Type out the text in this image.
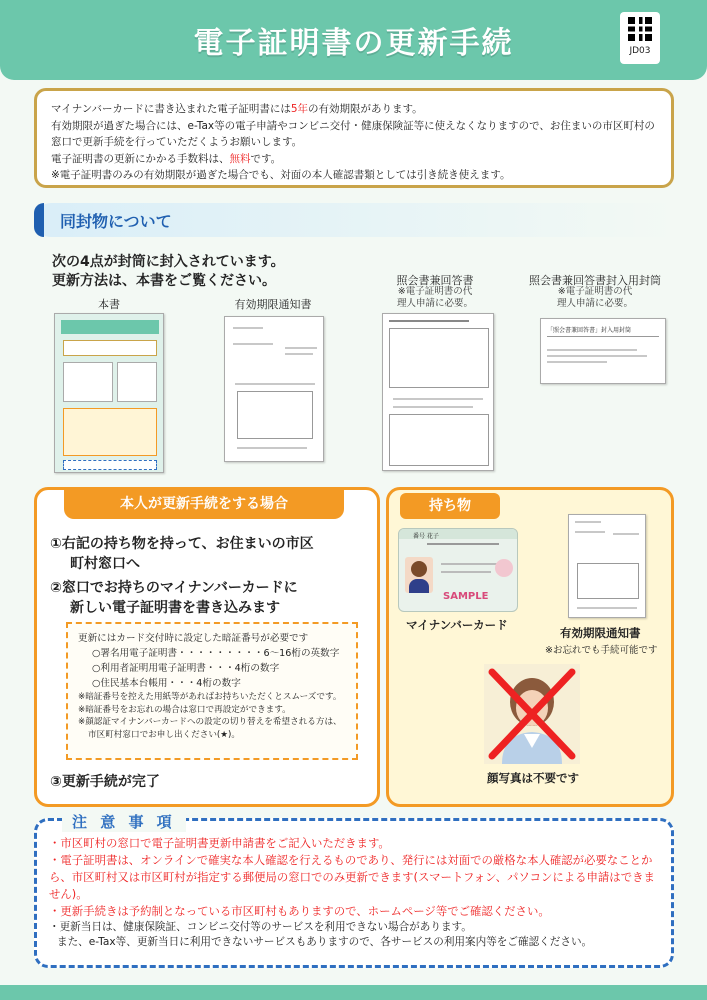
電子証明書の更新手続	JD03
マイナンバーカードに書き込まれた電子証明書には5年の有効期限があります。
有効期限が過ぎた場合には、e-Tax等の電子申請やコンビニ交付・健康保険証等に使えなくなりますので、お住まいの市区町村の窓口で更新手続を行っていただくようお願いします。
電子証明書の更新にかかる手数料は、無料です。
※電子証明書のみの有効期限が過ぎた場合でも、対面の本人確認書類としては引き続き使えます。
同封物について
次の4点が封筒に封入されています。
更新方法は、本書をご覧ください。
本書	有効期限通知書
照会書兼回答書
※電子証明書の代理人申請に必要。
照会書兼回答書封入用封筒
※電子証明書の代理人申請に必要。
「照会書兼回答書」封入用封筒
本人が更新手続をする場合
①右記の持ち物を持って、お住まいの市区
町村窓口へ
②窓口でお持ちのマイナンバーカードに
新しい電子証明書を書き込みます
更新にはカード交付時に設定した暗証番号が必要です
○署名用電子証明書・・・・・・・・・6〜16桁の英数字
○利用者証明用電子証明書・・・4桁の数字
○住民基本台帳用・・・4桁の数字
※暗証番号を控えた用紙等があればお持ちいただくとスムーズです。
※暗証番号をお忘れの場合は窓口で再設定ができます。
※顔認証マイナンバーカードへの設定の切り替えを希望される方は、
市区町村窓口でお申し出ください(★)。
③更新手続が完了
持ち物
番号 花子
SAMPLE
マイナンバーカード
有効期限通知書
※お忘れでも手続可能です
顔写真は不要です
・市区町村の窓口で電子証明書更新申請書をご記入いただきます。
・電子証明書は、オンラインで確実な本人確認を行えるものであり、発行には対面での厳格な本人確認が必要なことから、市区町村又は市区町村が指定する郵便局の窓口でのみ更新できます(スマートフォン、パソコンによる申請はできません)。
・更新手続きは予約制となっている市区町村もありますので、ホームページ等でご確認ください。
・更新当日は、健康保険証、コンビニ交付等のサービスを利用できない場合があります。
また、e-Tax等、更新当日に利用できないサービスもありますので、各サービスの利用案内等をご確認ください。
注 意 事 項
